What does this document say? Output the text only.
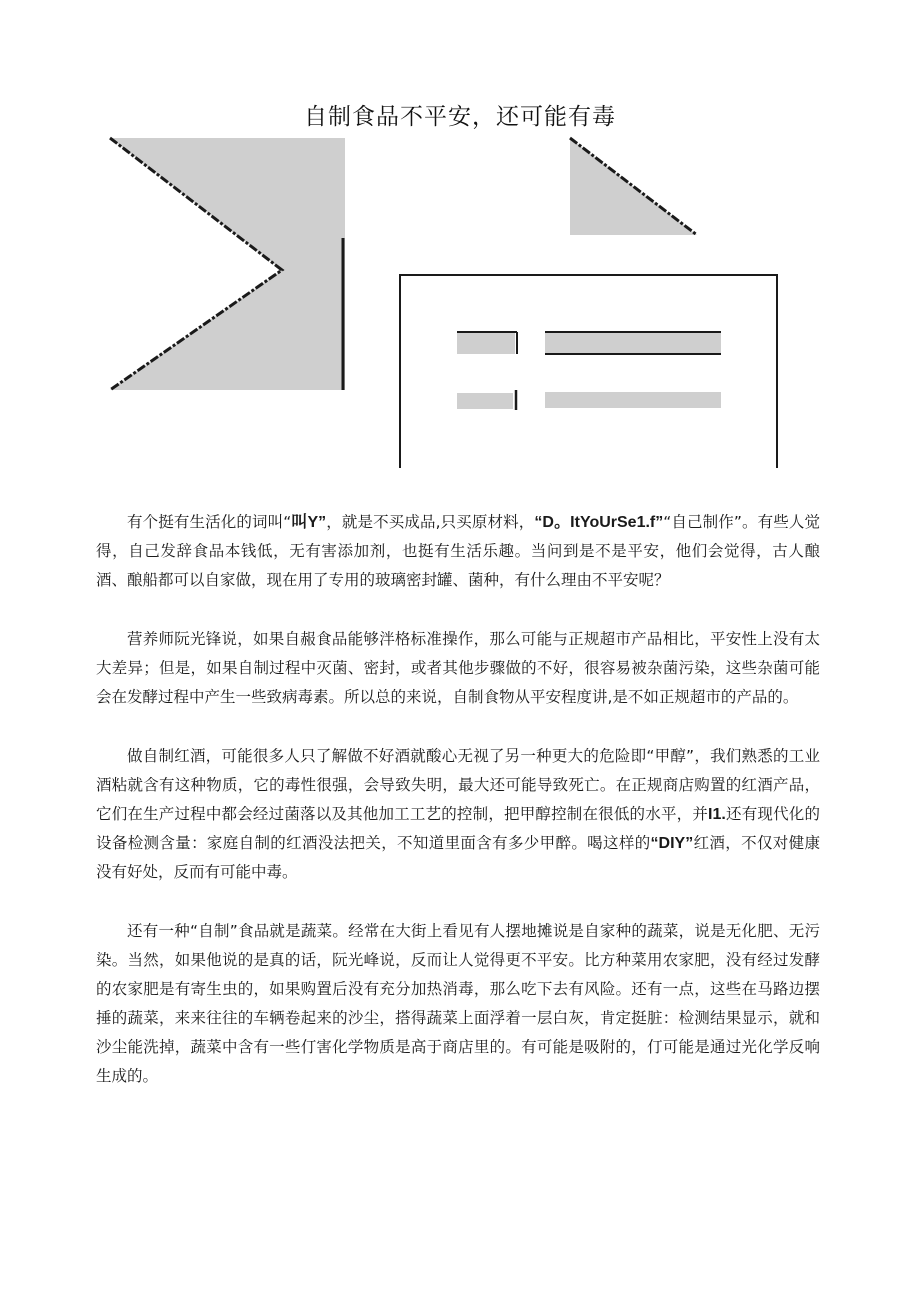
自制食品不平安，还可能有毒

有个挺有生活化的词叫“叫Y”，就是不买成品,只买原材料，“D。ItYoUrSe1.f”“自己制作”。有些人觉得，自己发辞食品本钱低，无有害添加剂，也挺有生活乐趣。当问到是不是平安，他们会觉得，古人酿酒、酿船都可以自家做，现在用了专用的玻璃密封罐、菌种，有什么理由不平安呢？

营养师阮光锋说，如果自赧食品能够泮格标准操作，那么可能与正规超市产品相比，平安性上没有太大差异；但是，如果自制过程中灭菌、密封，或者其他步骤做的不好，很容易被杂菌污染，这些杂菌可能会在发酵过程中产生一些致病毒素。所以总的来说，自制食物从平安程度讲,是不如正规超市的产品的。

做自制红酒，可能很多人只了解做不好酒就酸心无视了另一种更大的危险即“甲醇”，我们熟悉的工业酒粘就含有这种物质，它的毒性很强，会导致失明，最大还可能导致死亡。在正规商店购置的红酒产品，它们在生产过程中都会经过菌落以及其他加工工艺的控制，把甲醇控制在很低的水平，并I1.还有现代化的设备检测含量：家庭自制的红酒没法把关，不知道里面含有多少甲醉。喝这样的“DIY”红酒，不仅对健康没有好处，反而有可能中毒。

还有一种“自制”食品就是蔬菜。经常在大街上看见有人摆地摊说是自家种的蔬菜，说是无化肥、无污染。当然，如果他说的是真的话，阮光峰说，反而让人觉得更不平安。比方种菜用农家肥，没有经过发酵的农家肥是有寄生虫的，如果购置后没有充分加热消毒，那么吃下去有风险。还有一点，这些在马路边摆捶的蔬菜，来来往往的车辆卷起来的沙尘，搭得蔬菜上面浮着一层白灰，肯定挺脏：检测结果显示，就和沙尘能洗掉，蔬菜中含有一些仃害化学物质是高于商店里的。有可能是吸附的，仃可能是通过光化学反响生成的。
